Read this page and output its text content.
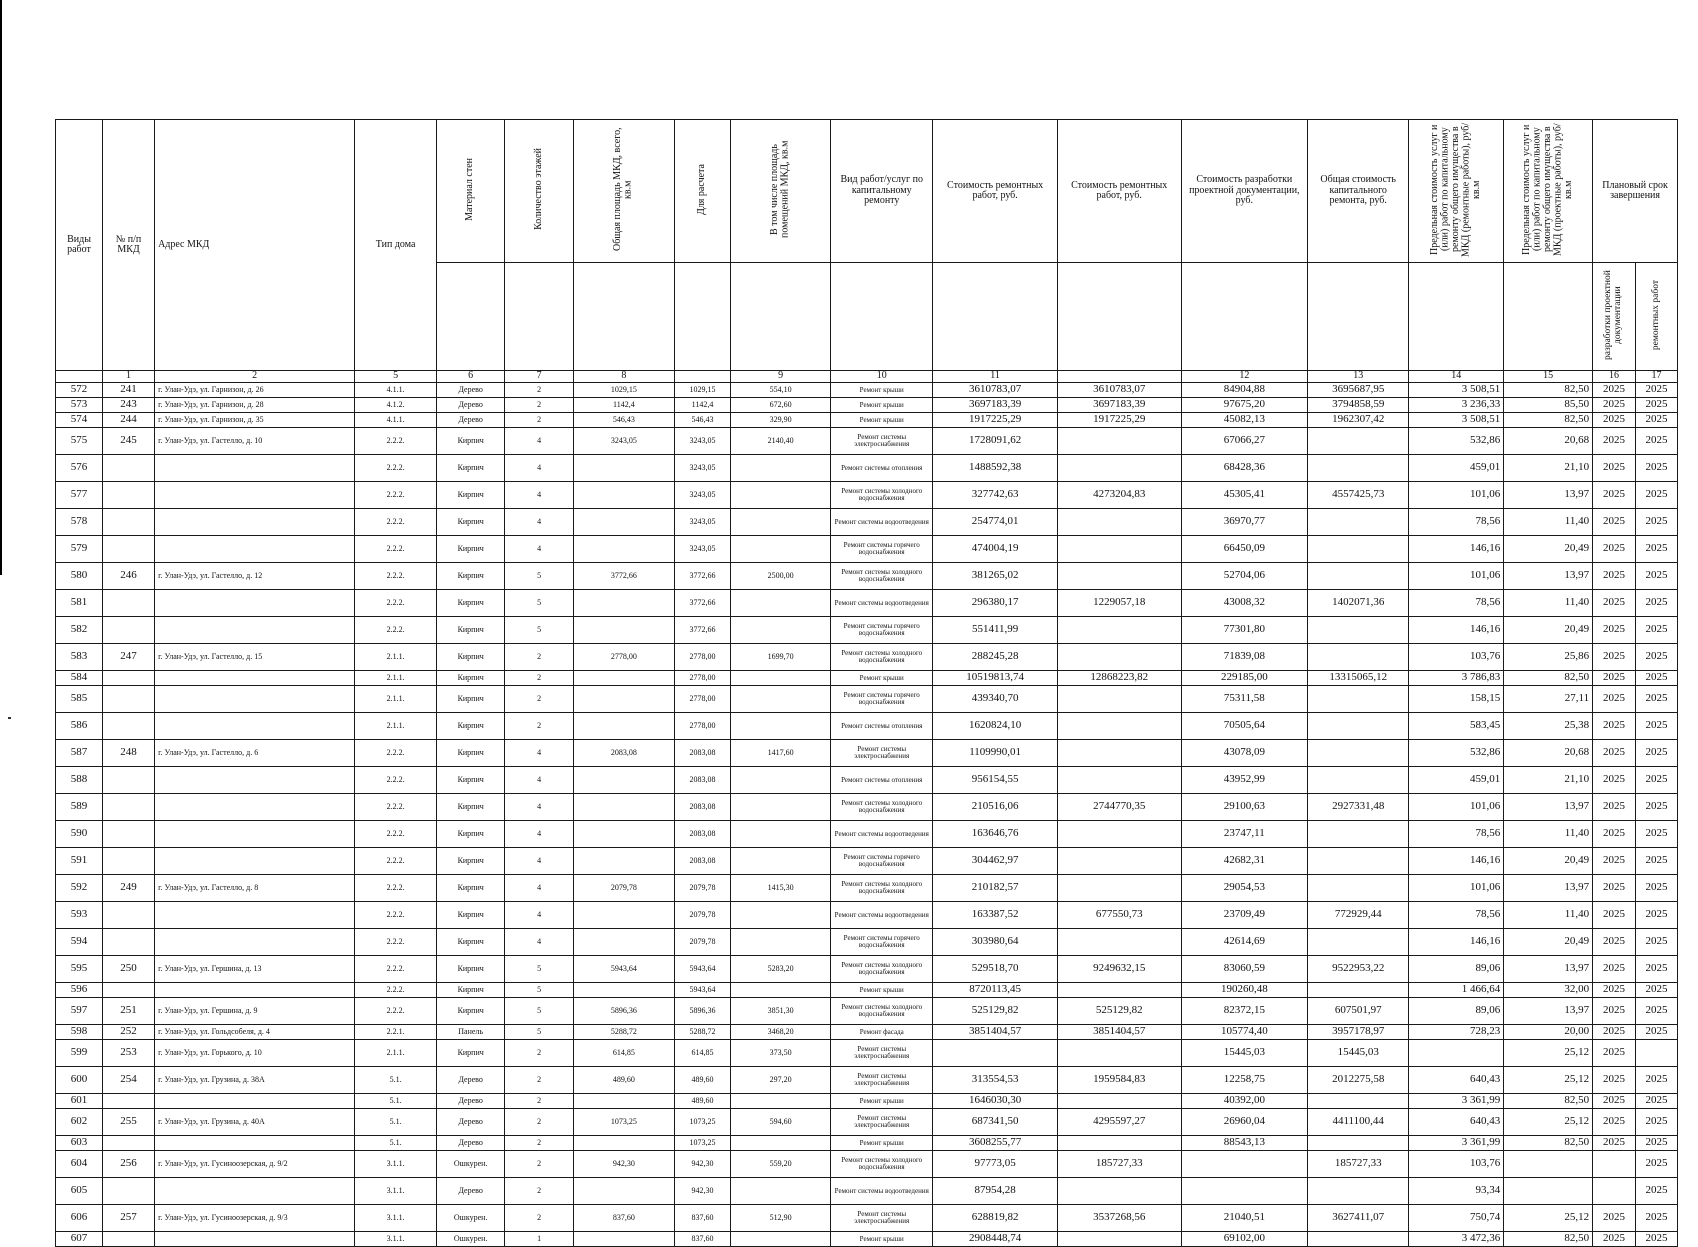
Виды работ	№ п/п МКД	Адрес МКД	Тип дома	Материал стен	Количество этажей	Общая площадь МКД, всего, кв.м	Для расчета	В том числе площадь помещений МКД, кв.м	Вид работ/услуг по капитальному ремонту	Стоимость ремонтных работ, руб.	Стоимость ремонтных работ, руб.	Стоимость разработки проектной документации, руб.	Общая стоимость капитального ремонта, руб.	Предельная стоимость услуг и (или) работ по капитальному ремонту общего имущества в МКД (ремонтные работы), руб/кв.м	Предельная стоимость услуг и (или) работ по капитальному ремонту общего имущества в МКД (проектные работы), руб/кв.м	Плановый срок завершения	
																разработки проектной документации	ремонтных работ
	1	2	5	6	7	8		9	10	11		12	13	14	15	16	17
572	241	г. Улан-Удэ, ул. Гарнизон, д. 26	4.1.1.	Дерево	2	1029,15	1029,15	554,10	Ремонт крыши	3610783,07	3610783,07	84904,88	3695687,95	3 508,51	82,50	2025	2025
573	243	г. Улан-Удэ, ул. Гарнизон, д. 28	4.1.2.	Дерево	2	1142,4	1142,4	672,60	Ремонт крыши	3697183,39	3697183,39	97675,20	3794858,59	3 236,33	85,50	2025	2025
574	244	г. Улан-Удэ, ул. Гарнизон, д. 35	4.1.1.	Дерево	2	546,43	546,43	329,90	Ремонт крыши	1917225,29	1917225,29	45082,13	1962307,42	3 508,51	82,50	2025	2025
575	245	г. Улан-Удэ, ул. Гастелло, д. 10	2.2.2.	Кирпич	4	3243,05	3243,05	2140,40	Ремонт системы электроснабжения	1728091,62		67066,27		532,86	20,68	2025	2025
576			2.2.2.	Кирпич	4		3243,05		Ремонт системы отопления	1488592,38		68428,36		459,01	21,10	2025	2025
577			2.2.2.	Кирпич	4		3243,05		Ремонт системы холодного водоснабжения	327742,63	4273204,83	45305,41	4557425,73	101,06	13,97	2025	2025
578			2.2.2.	Кирпич	4		3243,05		Ремонт системы водоотведения	254774,01		36970,77		78,56	11,40	2025	2025
579			2.2.2.	Кирпич	4		3243,05		Ремонт системы горячего водоснабжения	474004,19		66450,09		146,16	20,49	2025	2025
580	246	г. Улан-Удэ, ул. Гастелло, д. 12	2.2.2.	Кирпич	5	3772,66	3772,66	2500,00	Ремонт системы холодного водоснабжения	381265,02		52704,06		101,06	13,97	2025	2025
581			2.2.2.	Кирпич	5		3772,66		Ремонт системы водоотведения	296380,17	1229057,18	43008,32	1402071,36	78,56	11,40	2025	2025
582			2.2.2.	Кирпич	5		3772,66		Ремонт системы горячего водоснабжения	551411,99		77301,80		146,16	20,49	2025	2025
583	247	г. Улан-Удэ, ул. Гастелло, д. 15	2.1.1.	Кирпич	2	2778,00	2778,00	1699,70	Ремонт системы холодного водоснабжения	288245,28		71839,08		103,76	25,86	2025	2025
584			2.1.1.	Кирпич	2		2778,00		Ремонт крыши	10519813,74	12868223,82	229185,00	13315065,12	3 786,83	82,50	2025	2025
585			2.1.1.	Кирпич	2		2778,00		Ремонт системы горячего водоснабжения	439340,70		75311,58		158,15	27,11	2025	2025
586			2.1.1.	Кирпич	2		2778,00		Ремонт системы отопления	1620824,10		70505,64		583,45	25,38	2025	2025
587	248	г. Улан-Удэ, ул. Гастелло, д. 6	2.2.2.	Кирпич	4	2083,08	2083,08	1417,60	Ремонт системы электроснабжения	1109990,01		43078,09		532,86	20,68	2025	2025
588			2.2.2.	Кирпич	4		2083,08		Ремонт системы отопления	956154,55		43952,99		459,01	21,10	2025	2025
589			2.2.2.	Кирпич	4		2083,08		Ремонт системы холодного водоснабжения	210516,06	2744770,35	29100,63	2927331,48	101,06	13,97	2025	2025
590			2.2.2.	Кирпич	4		2083,08		Ремонт системы водоотведения	163646,76		23747,11		78,56	11,40	2025	2025
591			2.2.2.	Кирпич	4		2083,08		Ремонт системы горячего водоснабжения	304462,97		42682,31		146,16	20,49	2025	2025
592	249	г. Улан-Удэ, ул. Гастелло, д. 8	2.2.2.	Кирпич	4	2079,78	2079,78	1415,30	Ремонт системы холодного водоснабжения	210182,57		29054,53		101,06	13,97	2025	2025
593			2.2.2.	Кирпич	4		2079,78		Ремонт системы водоотведения	163387,52	677550,73	23709,49	772929,44	78,56	11,40	2025	2025
594			2.2.2.	Кирпич	4		2079,78		Ремонт системы горячего водоснабжения	303980,64		42614,69		146,16	20,49	2025	2025
595	250	г. Улан-Удэ, ул. Гершина, д. 13	2.2.2.	Кирпич	5	5943,64	5943,64	5283,20	Ремонт системы холодного водоснабжения	529518,70	9249632,15	83060,59	9522953,22	89,06	13,97	2025	2025
596			2.2.2.	Кирпич	5		5943,64		Ремонт крыши	8720113,45		190260,48		1 466,64	32,00	2025	2025
597	251	г. Улан-Удэ, ул. Гершина, д. 9	2.2.2.	Кирпич	5	5896,36	5896,36	3851,30	Ремонт системы холодного водоснабжения	525129,82	525129,82	82372,15	607501,97	89,06	13,97	2025	2025
598	252	г. Улан-Удэ, ул. Гольдсобеля, д. 4	2.2.1.	Панель	5	5288,72	5288,72	3468,20	Ремонт фасада	3851404,57	3851404,57	105774,40	3957178,97	728,23	20,00	2025	2025
599	253	г. Улан-Удэ, ул. Горького, д. 10	2.1.1.	Кирпич	2	614,85	614,85	373,50	Ремонт системы электроснабжения			15445,03	15445,03		25,12	2025	
600	254	г. Улан-Удэ, ул. Грузина, д. 38А	5.1.	Дерево	2	489,60	489,60	297,20	Ремонт системы электроснабжения	313554,53	1959584,83	12258,75	2012275,58	640,43	25,12	2025	2025
601			5.1.	Дерево	2		489,60		Ремонт крыши	1646030,30		40392,00		3 361,99	82,50	2025	2025
602	255	г. Улан-Удэ, ул. Грузина, д. 40А	5.1.	Дерево	2	1073,25	1073,25	594,60	Ремонт системы электроснабжения	687341,50	4295597,27	26960,04	4411100,44	640,43	25,12	2025	2025
603			5.1.	Дерево	2		1073,25		Ремонт крыши	3608255,77		88543,13		3 361,99	82,50	2025	2025
604	256	г. Улан-Удэ, ул. Гусиноозерская, д. 9/2	3.1.1.	Ошкурен.	2	942,30	942,30	559,20	Ремонт системы холодного водоснабжения	97773,05	185727,33		185727,33	103,76			2025
605			3.1.1.	Дерево	2		942,30		Ремонт системы водоотведения	87954,28				93,34			2025
606	257	г. Улан-Удэ, ул. Гусиноозерская, д. 9/3	3.1.1.	Ошкурен.	2	837,60	837,60	512,90	Ремонт системы электроснабжения	628819,82	3537268,56	21040,51	3627411,07	750,74	25,12	2025	2025
607			3.1.1.	Ошкурен.	1		837,60		Ремонт крыши	2908448,74		69102,00		3 472,36	82,50	2025	2025
